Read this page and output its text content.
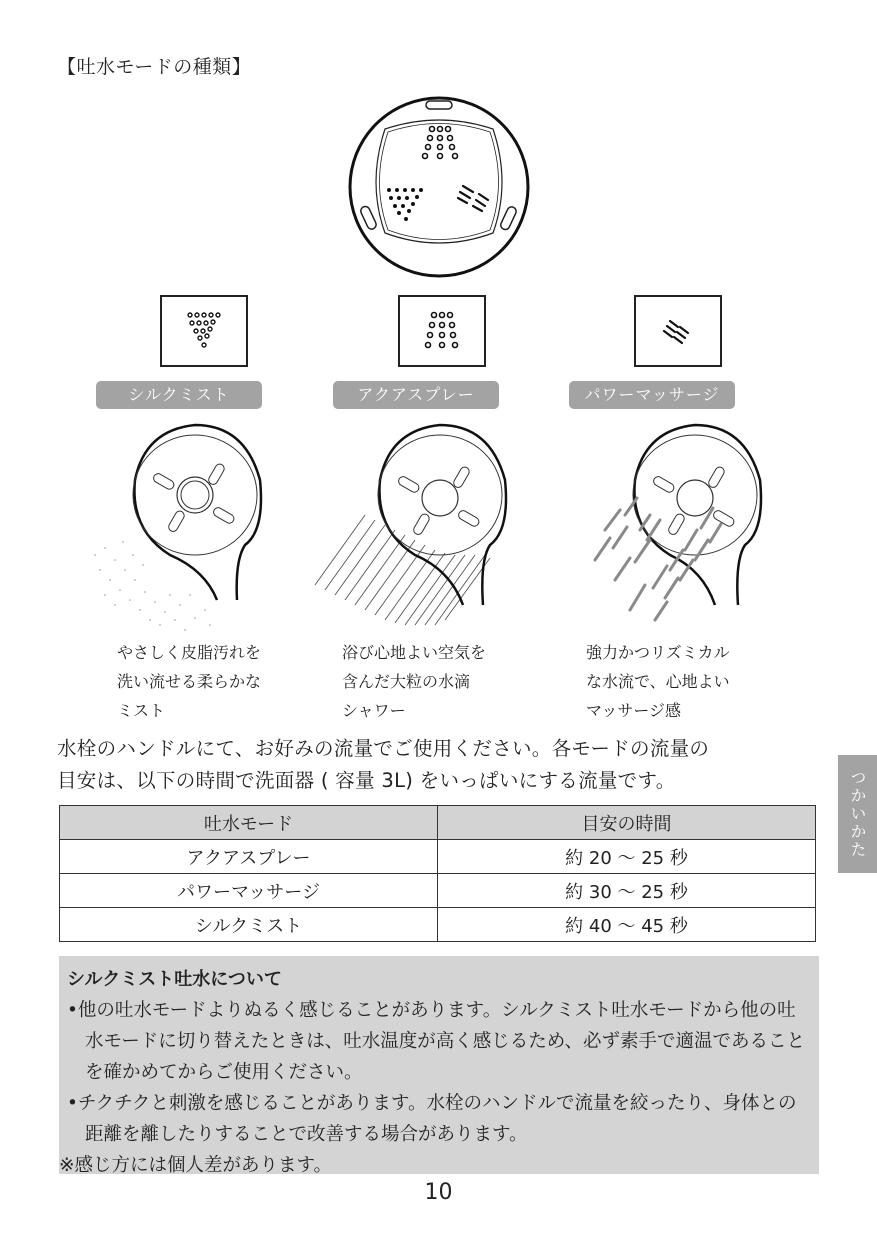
【吐水モードの種類】
シルクミスト	アクアスプレー	パワーマッサージ
やさしく皮脂汚れを
洗い流せる柔らかな
ミスト
浴び心地よい空気を
含んだ大粒の水滴
シャワー
強力かつリズミカル
な水流で、心地よい
マッサージ感
水栓のハンドルにて、お好みの流量でご使用ください。各モードの流量の
目安は、以下の時間で洗面器 ( 容量 3L) をいっぱいにする流量です。
吐水モード	目安の時間
アクアスプレー	約 20 ～ 25 秒
パワーマッサージ	約 30 ～ 25 秒
シルクミスト	約 40 ～ 45 秒
シルクミスト吐水について
•他の吐水モードよりぬるく感じることがあります。シルクミスト吐水モードから他の吐水モードに切り替えたときは、吐水温度が高く感じるため、必ず素手で適温であることを確かめてからご使用ください。
•チクチクと刺激を感じることがあります。水栓のハンドルで流量を絞ったり、身体との距離を離したりすることで改善する場合があります。
※感じ方には個人差があります。
つかいかた
10
